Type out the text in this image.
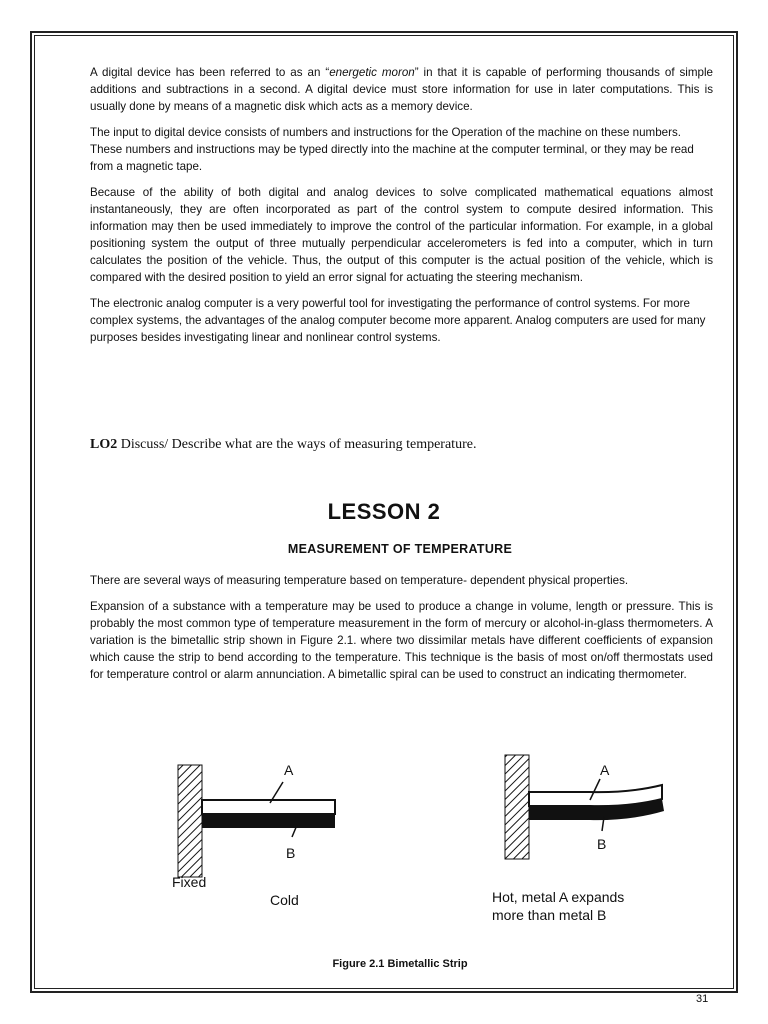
A digital device has been referred to as an “energetic moron” in that it is capable of performing thousands of simple additions and subtractions in a second. A digital device must store information for use in later computations. This is usually done by means of a magnetic disk which acts as a memory device.

The input to digital device consists of numbers and instructions for the Operation of the machine on these numbers. These numbers and instructions may be typed directly into the machine at the computer terminal, or they may be read from a magnetic tape.

Because of the ability of both digital and analog devices to solve complicated mathematical equations almost instantaneously, they are often incorporated as part of the control system to compute desired information. This information may then be used immediately to improve the control of the particular information. For example, in a global positioning system the output of three mutually perpendicular accelerometers is fed into a computer, which in turn calculates the position of the vehicle. Thus, the output of this computer is the actual position of the vehicle, which is compared with the desired position to yield an error signal for actuating the steering mechanism.

The electronic analog computer is a very powerful tool for investigating the performance of control systems. For more complex systems, the advantages of the analog computer become more apparent. Analog computers are used for many purposes besides investigating linear and nonlinear control systems.

LO2 Discuss/ Describe what are the ways of measuring temperature.
LESSON 2
MEASUREMENT OF TEMPERATURE

There are several ways of measuring temperature based on temperature- dependent physical properties.

Expansion of a substance with a temperature may be used to produce a change in volume, length or pressure. This is probably the most common type of temperature measurement in the form of mercury or alcohol-in-glass thermometers. A variation is the bimetallic strip shown in Figure 2.1. where two dissimilar metals have different coefficients of expansion which cause the strip to bend according to the temperature. This technique is the basis of most on/off thermostats used for temperature control or alarm annunciation. A bimetallic spiral can be used to construct an indicating thermometer.

A
B
Fixed
Cold
A
B
Hot, metal A expands
more than metal B
Figure 2.1 Bimetallic Strip
31
